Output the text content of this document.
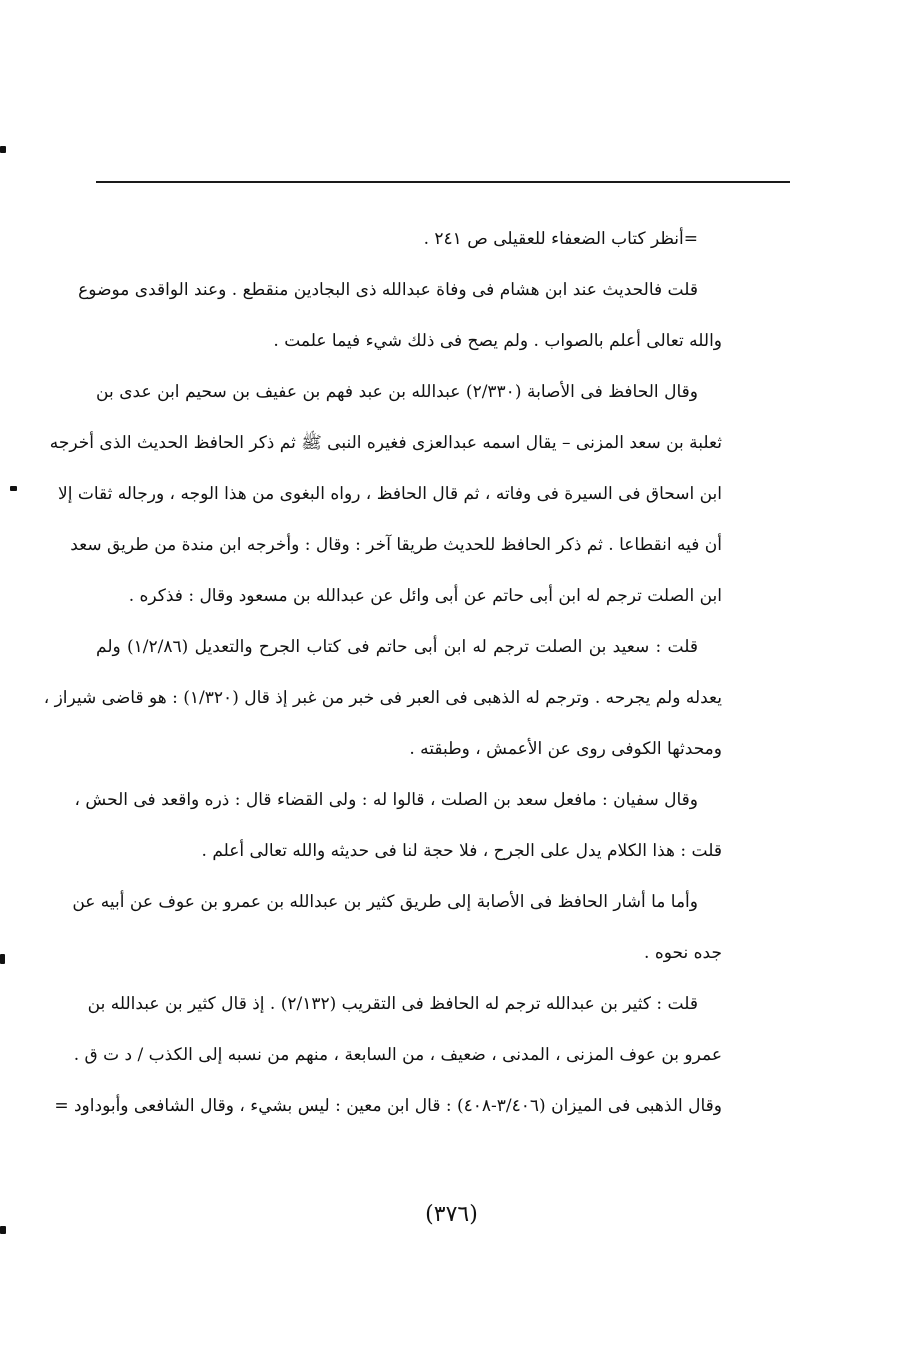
=أنظر كتاب الضعفاء للعقيلى ص ٢٤١ .
قلت فالحديث عند ابن هشام فى وفاة عبدالله ذى البجادين منقطع . وعند الواقدى موضوع
والله تعالى أعلم بالصواب . ولم يصح فى ذلك شيء فيما علمت .
وقال الحافظ فى الأصابة (٢/٣٣٠) عبدالله بن عبد فهم بن عفيف بن سحيم ابن عدى بن
ثعلبة بن سعد المزنى – يقال اسمه عبدالعزى فغيره النبى ﷺ ثم ذكر الحافظ الحديث الذى أخرجه
ابن اسحاق فى السيرة فى وفاته ، ثم قال الحافظ ، رواه البغوى من هذا الوجه ، ورجاله ثقات إلا
أن فيه انقطاعا . ثم ذكر الحافظ للحديث طريقا آخر : وقال : وأخرجه ابن مندة من طريق سعد
ابن الصلت ترجم له ابن أبى حاتم عن أبى وائل عن عبدالله بن مسعود وقال : فذكره .
قلت : سعيد بن الصلت ترجم له ابن أبى حاتم فى كتاب الجرح والتعديل (١/٢/٨٦) ولم
يعدله ولم يجرحه . وترجم له الذهبى فى العبر فى خبر من غبر إذ قال (١/٣٢٠) : هو قاضى شيراز ،
ومحدثها الكوفى روى عن الأعمش ، وطبقته .
وقال سفيان : مافعل سعد بن الصلت ، قالوا له : ولى القضاء قال : ذره واقعد فى الحش ،
قلت : هذا الكلام يدل على الجرح ، فلا حجة لنا فى حديثه والله تعالى أعلم .
وأما ما أشار الحافظ فى الأصابة إلى طريق كثير بن عبدالله بن عمرو بن عوف عن أبيه عن
جده نحوه .
قلت : كثير بن عبدالله ترجم له الحافظ فى التقريب (٢/١٣٢) . إذ قال كثير بن عبدالله بن
عمرو بن عوف المزنى ، المدنى ، ضعيف ، من السابعة ، منهم من نسبه إلى الكذب / د ت ق .
وقال الذهبى فى الميزان (٣/٤٠٦-٤٠٨) : قال ابن معين : ليس بشيء ، وقال الشافعى وأبوداود =
(٣٧٦)
